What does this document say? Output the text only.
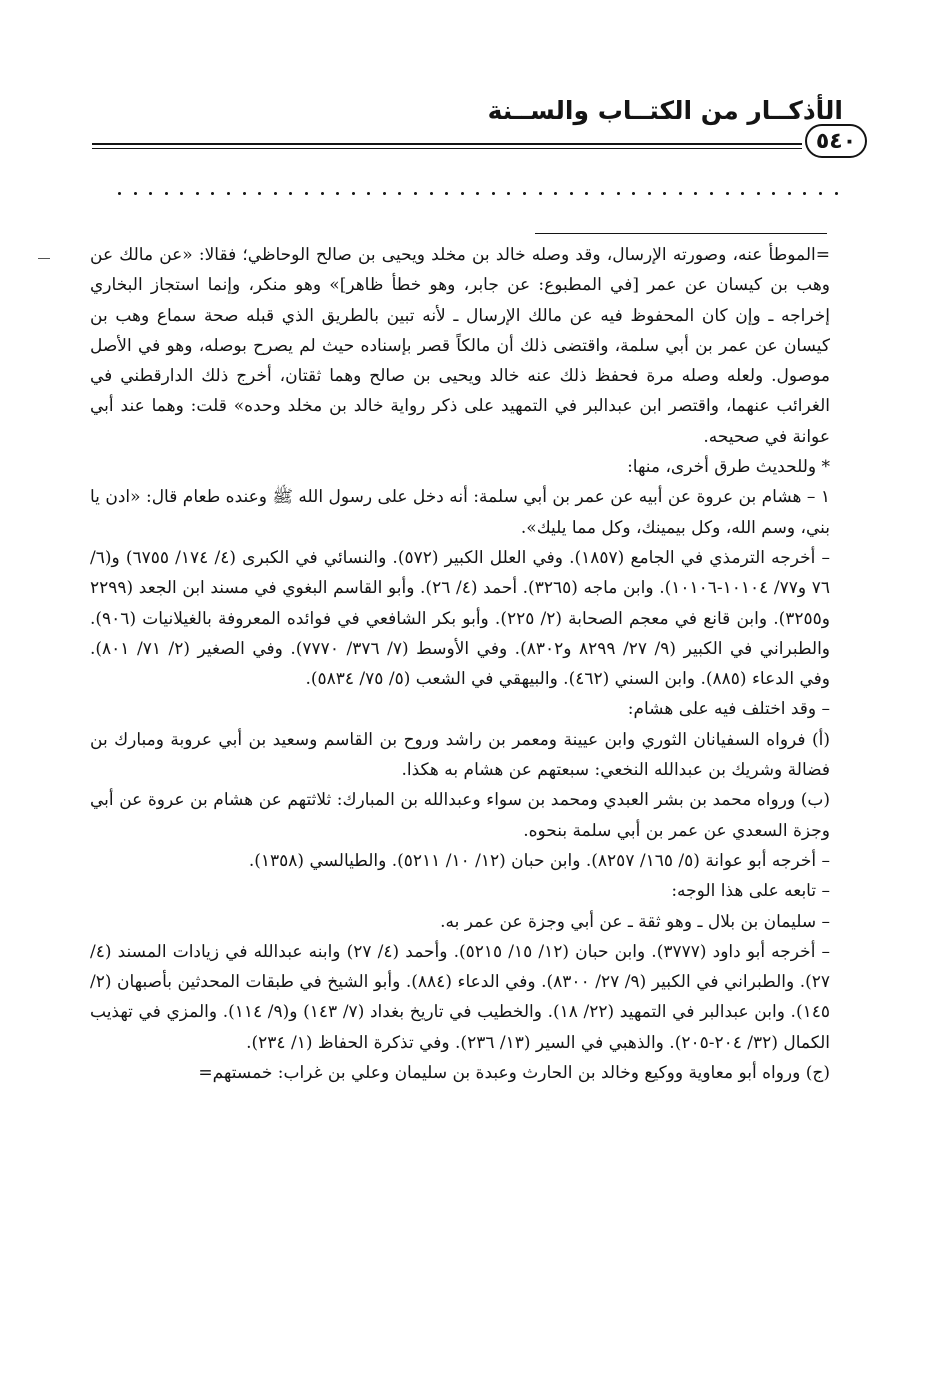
الأذكــار من الكتــاب والســنة
٥٤٠

=الموطأ عنه، وصورته الإرسال، وقد وصله خالد بن مخلد ويحيى بن صالح الوحاظي؛ فقالا: «عن مالك عن وهب بن كيسان عن عمر [في المطبوع: عن جابر، وهو خطأ ظاهر]» وهو منكر، وإنما استجاز البخاري إخراجه ـ وإن كان المحفوظ فيه عن مالك الإرسال ـ لأنه تبين بالطريق الذي قبله صحة سماع وهب بن كيسان عن عمر بن أبي سلمة، واقتضى ذلك أن مالكاً قصر بإسناده حيث لم يصرح بوصله، وهو في الأصل موصول. ولعله وصله مرة فحفظ ذلك عنه خالد ويحيى بن صالح وهما ثقتان، أخرج ذلك الدارقطني في الغرائب عنهما، واقتصر ابن عبدالبر في التمهيد على ذكر رواية خالد بن مخلد وحده» قلت: وهما عند أبي عوانة في صحيحه.

* وللحديث طرق أخرى، منها:

١ – هشام بن عروة عن أبيه عن عمر بن أبي سلمة: أنه دخل على رسول الله ﷺ وعنده طعام قال: «ادن يا بني، وسم الله، وكل بيمينك، وكل مما يليك».

– أخرجه الترمذي في الجامع (١٨٥٧). وفي العلل الكبير (٥٧٢). والنسائي في الكبرى (٤/ ١٧٤/ ٦٧٥٥) و(٦/ ٧٦ و٧٧/ ١٠١٠٤-١٠١٠٦). وابن ماجه (٣٢٦٥). أحمد (٤/ ٢٦). وأبو القاسم البغوي في مسند ابن الجعد (٢٢٩٩ و٣٢٥٥). وابن قانع في معجم الصحابة (٢/ ٢٢٥). وأبو بكر الشافعي في فوائده المعروفة بالغيلانيات (٩٠٦). والطبراني في الكبير (٩/ ٢٧/ ٨٢٩٩ و٨٣٠٢). وفي الأوسط (٧/ ٣٧٦/ ٧٧٧٠). وفي الصغير (٢/ ٧١/ ٨٠١). وفي الدعاء (٨٨٥). وابن السني (٤٦٢). والبيهقي في الشعب (٥/ ٧٥/ ٥٨٣٤).

– وقد اختلف فيه على هشام:

(أ) فرواه السفيانان الثوري وابن عيينة ومعمر بن راشد وروح بن القاسم وسعيد بن أبي عروبة ومبارك بن فضالة وشريك بن عبدالله النخعي: سبعتهم عن هشام به هكذا.

(ب) ورواه محمد بن بشر العبدي ومحمد بن سواء وعبدالله بن المبارك: ثلاثتهم عن هشام بن عروة عن أبي وجزة السعدي عن عمر بن أبي سلمة بنحوه.

– أخرجه أبو عوانة (٥/ ١٦٥/ ٨٢٥٧). وابن حبان (١٢/ ١٠/ ٥٢١١). والطيالسي (١٣٥٨).

– تابعه على هذا الوجه:

– سليمان بن بلال ـ وهو ثقة ـ عن أبي وجزة عن عمر به.

– أخرجه أبو داود (٣٧٧٧). وابن حبان (١٢/ ١٥/ ٥٢١٥). وأحمد (٤/ ٢٧) وابنه عبدالله في زيادات المسند (٤/ ٢٧). والطبراني في الكبير (٩/ ٢٧/ ٨٣٠٠). وفي الدعاء (٨٨٤). وأبو الشيخ في طبقات المحدثين بأصبهان (٢/ ١٤٥). وابن عبدالبر في التمهيد (٢٢/ ١٨). والخطيب في تاريخ بغداد (٧/ ١٤٣) و(٩/ ١١٤). والمزي في تهذيب الكمال (٣٢/ ٢٠٤-٢٠٥). والذهبي في السير (١٣/ ٢٣٦). وفي تذكرة الحفاظ (١/ ٢٣٤).

(ج) ورواه أبو معاوية ووكيع وخالد بن الحارث وعبدة بن سليمان وعلي بن غراب: خمستهم=
